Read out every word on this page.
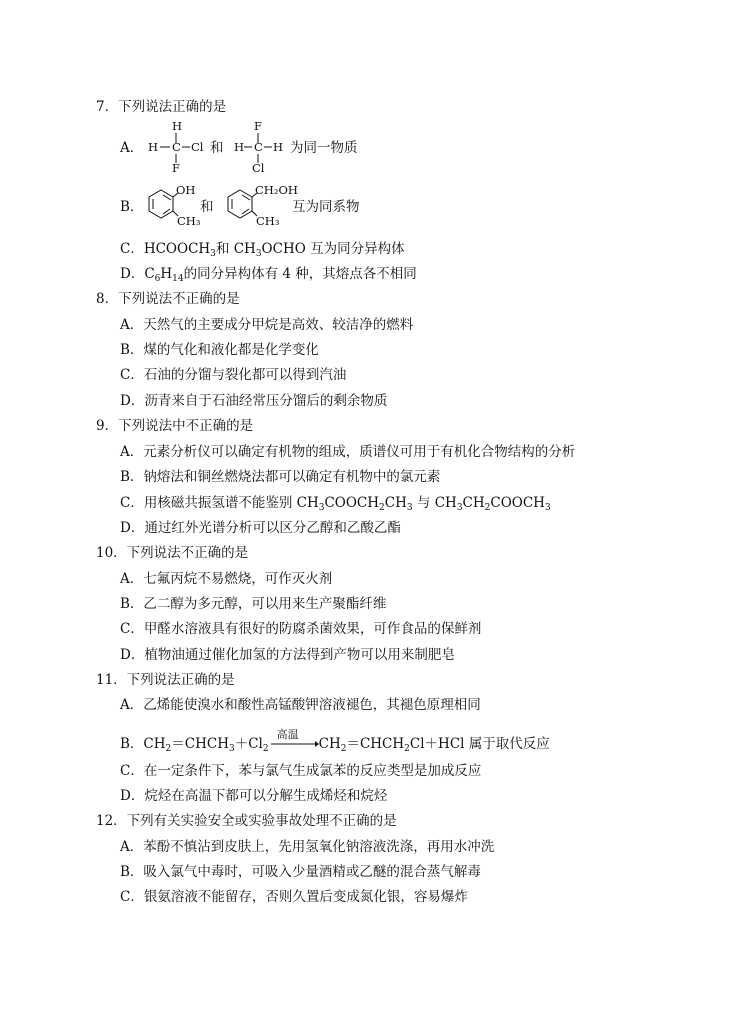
7．下列说法正确的是
A．
H
H C Cl
F
和
F
H C H
Cl
为同一物质
B．
OH
CH₃
和
CH₂OH
CH₃
互为同系物
C．$HCOOCH_3$和 $CH_3OCHO$ 互为同分异构体
D．$C_6H_{14}$的同分异构体有 4 种，其熔点各不相同
8．下列说法不正确的是
A．天然气的主要成分甲烷是高效、较洁净的燃料
B．煤的气化和液化都是化学变化
C．石油的分馏与裂化都可以得到汽油
D．沥青来自于石油经常压分馏后的剩余物质
9．下列说法中不正确的是
A．元素分析仪可以确定有机物的组成，质谱仪可用于有机化合物结构的分析
B．钠熔法和铜丝燃烧法都可以确定有机物中的氯元素
C．用核磁共振氢谱不能鉴别 $CH_3COOCH_2CH_3$ 与 $CH_3CH_2COOCH_3$
D．通过红外光谱分析可以区分乙醇和乙酸乙酯
10．下列说法不正确的是
A．七氟丙烷不易燃烧，可作灭火剂
B．乙二醇为多元醇，可以用来生产聚酯纤维
C．甲醛水溶液具有很好的防腐杀菌效果，可作食品的保鲜剂
D．植物油通过催化加氢的方法得到产物可以用来制肥皂
11．下列说法正确的是
A．乙烯能使溴水和酸性高锰酸钾溶液褪色，其褪色原理相同
B．$CH_2=CHCH_3+Cl_2$
高温
$CH_2=CHCH_2Cl+HCl$ 属于取代反应
C．在一定条件下，苯与氯气生成氯苯的反应类型是加成反应
D．烷烃在高温下都可以分解生成烯烃和烷烃
12．下列有关实验安全或实验事故处理不正确的是
A．苯酚不慎沾到皮肤上，先用氢氧化钠溶液洗涤，再用水冲洗
B．吸入氯气中毒时，可吸入少量酒精或乙醚的混合蒸气解毒
C．银氨溶液不能留存，否则久置后变成氮化银，容易爆炸
